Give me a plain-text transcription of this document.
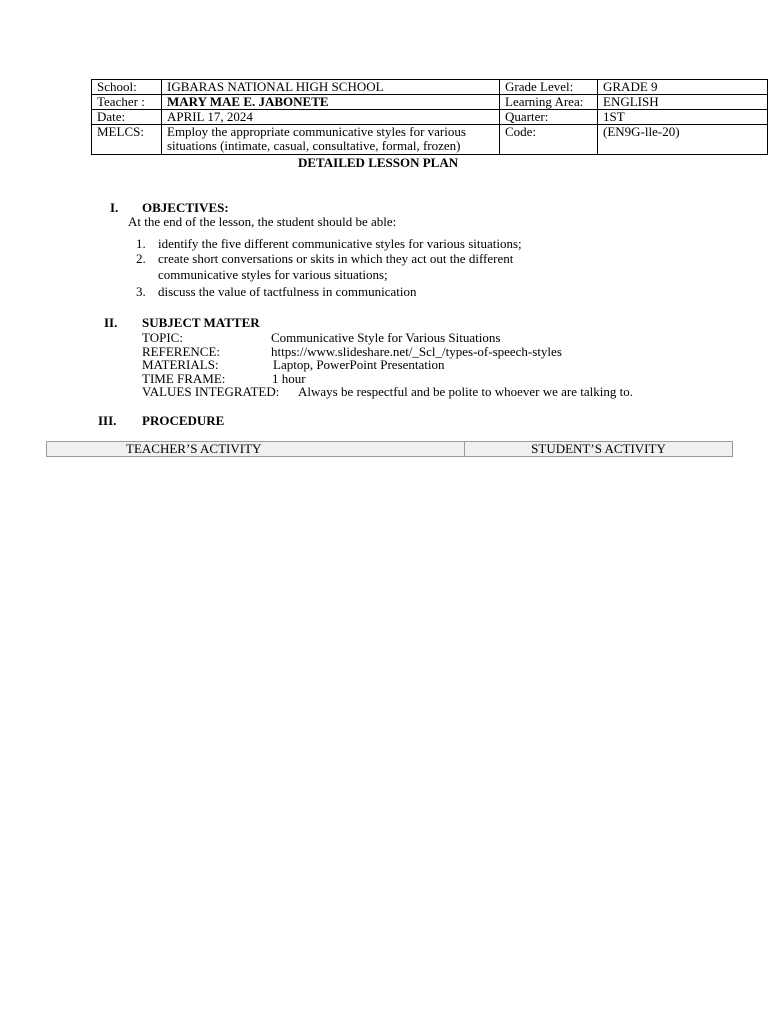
School:	IGBARAS NATIONAL HIGH SCHOOL	Grade Level:	GRADE 9
Teacher :	MARY MAE E. JABONETE	Learning Area:	ENGLISH
Date:	APRIL 17, 2024	Quarter:	1ST
MELCS:	Employ the appropriate communicative styles for various
situations (intimate, casual, consultative, formal, frozen)	Code:	(EN9G-lle-20)
DETAILED LESSON PLAN
I. OBJECTIVES:
At the end of the lesson, the student should be able:
1. identify the five different communicative styles for various situations;
2. create short conversations or skits in which they act out the different
communicative styles for various situations;
3. discuss the value of tactfulness in communication
II. SUBJECT MATTER
TOPIC:	Communicative Style for Various Situations
REFERENCE:	https://www.slideshare.net/_Scl_/types-of-speech-styles
MATERIALS:	Laptop, PowerPoint Presentation
TIME FRAME:	1 hour
VALUES INTEGRATED: Always be respectful and be polite to whoever we are talking to.
III. PROCEDURE
TEACHER’S ACTIVITY	STUDENT’S ACTIVITY
